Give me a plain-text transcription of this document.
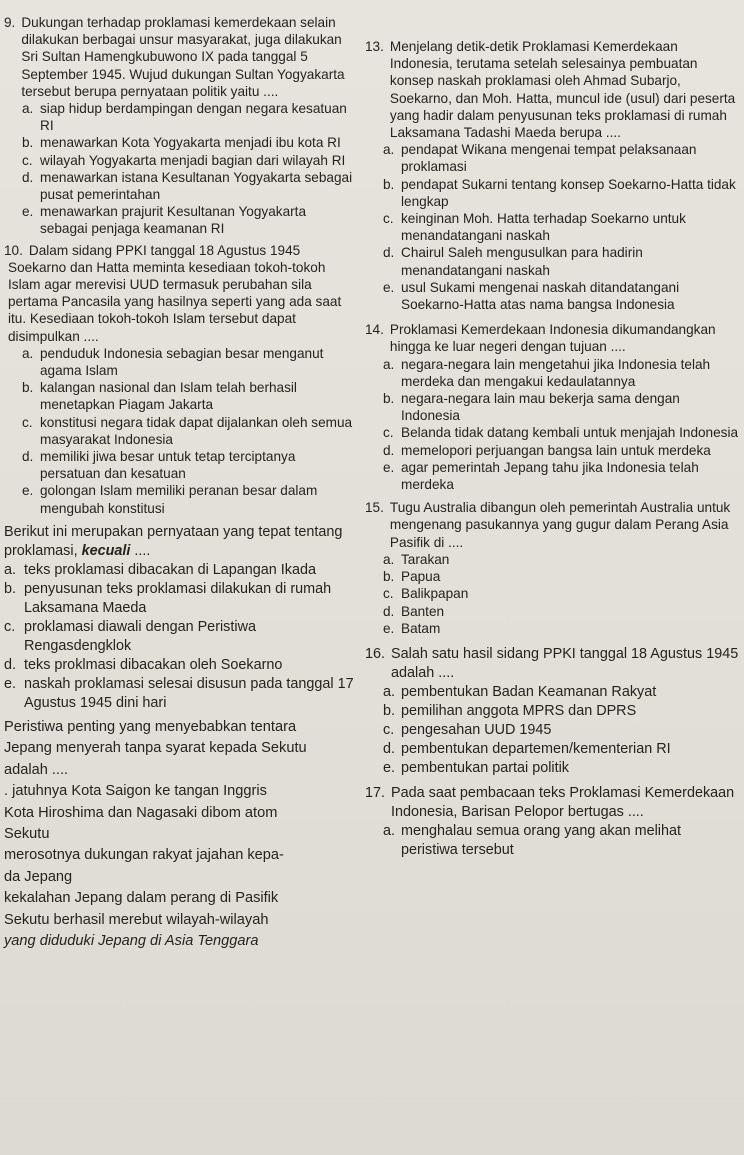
9. Dukungan terhadap proklamasi kemerdekaan selain dilakukan berbagai unsur masyarakat, juga dilakukan Sri Sultan Hamengkubuwono IX pada tanggal 5 September 1945. Wujud dukungan Sultan Yogyakarta tersebut berupa pernyataan politik yaitu ....
a. siap hidup berdampingan dengan negara kesatuan RI
b. menawarkan Kota Yogyakarta menjadi ibu kota RI
c. wilayah Yogyakarta menjadi bagian dari wilayah RI
d. menawarkan istana Kesultanan Yogyakarta sebagai pusat pemerintahan
e. menawarkan prajurit Kesultanan Yogyakarta sebagai penjaga keamanan RI
10. Dalam sidang PPKI tanggal 18 Agustus 1945
Soekarno dan Hatta meminta kesediaan tokoh-tokoh Islam agar merevisi UUD termasuk perubahan sila pertama Pancasila yang hasilnya seperti yang ada saat itu. Kesediaan tokoh-tokoh Islam tersebut dapat disimpulkan ....
a. penduduk Indonesia sebagian besar menganut agama Islam
b. kalangan nasional dan Islam telah berhasil menetapkan Piagam Jakarta
c. konstitusi negara tidak dapat dijalankan oleh semua masyarakat Indonesia
d. memiliki jiwa besar untuk tetap terciptanya persatuan dan kesatuan
e. golongan Islam memiliki peranan besar dalam mengubah konstitusi
Berikut ini merupakan pernyataan yang tepat tentang proklamasi, kecuali ....
a. teks proklamasi dibacakan di Lapangan Ikada
b. penyusunan teks proklamasi dilakukan di rumah Laksamana Maeda
c. proklamasi diawali dengan Peristiwa Rengasdengklok
d. teks proklmasi dibacakan oleh Soekarno
e. naskah proklamasi selesai disusun pada tanggal 17 Agustus 1945 dini hari
Peristiwa penting yang menyebabkan tentara
Jepang menyerah tanpa syarat kepada Sekutu
adalah ....
. jatuhnya Kota Saigon ke tangan Inggris
Kota Hiroshima dan Nagasaki dibom atom
Sekutu
merosotnya dukungan rakyat jajahan kepa-
da Jepang
kekalahan Jepang dalam perang di Pasifik
Sekutu berhasil merebut wilayah-wilayah
yang diduduki Jepang di Asia Tenggara
13. Menjelang detik-detik Proklamasi Kemerdekaan Indonesia, terutama setelah selesainya pembuatan konsep naskah proklamasi oleh Ahmad Subarjo, Soekarno, dan Moh. Hatta, muncul ide (usul) dari peserta yang hadir dalam penyusunan teks proklamasi di rumah Laksamana Tadashi Maeda berupa ....
a. pendapat Wikana mengenai tempat pelaksanaan proklamasi
b. pendapat Sukarni tentang konsep Soekarno-Hatta tidak lengkap
c. keinginan Moh. Hatta terhadap Soekarno untuk menandatangani naskah
d. Chairul Saleh mengusulkan para hadirin menandatangani naskah
e. usul Sukami mengenai naskah ditandatangani Soekarno-Hatta atas nama bangsa Indonesia
14. Proklamasi Kemerdekaan Indonesia dikumandangkan hingga ke luar negeri dengan tujuan ....
a. negara-negara lain mengetahui jika Indonesia telah merdeka dan mengakui kedaulatannya
b. negara-negara lain mau bekerja sama dengan Indonesia
c. Belanda tidak datang kembali untuk menjajah Indonesia
d. memelopori perjuangan bangsa lain untuk merdeka
e. agar pemerintah Jepang tahu jika Indonesia telah merdeka
15. Tugu Australia dibangun oleh pemerintah Australia untuk mengenang pasukannya yang gugur dalam Perang Asia Pasifik di ....
a. Tarakan
b. Papua
c. Balikpapan
d. Banten
e. Batam
16. Salah satu hasil sidang PPKI tanggal 18 Agustus 1945 adalah ....
a. pembentukan Badan Keamanan Rakyat
b. pemilihan anggota MPRS dan DPRS
c. pengesahan UUD 1945
d. pembentukan departemen/kementerian RI
e. pembentukan partai politik
17. Pada saat pembacaan teks Proklamasi Kemerdekaan Indonesia, Barisan Pelopor bertugas ....
a. menghalau semua orang yang akan melihat peristiwa tersebut
